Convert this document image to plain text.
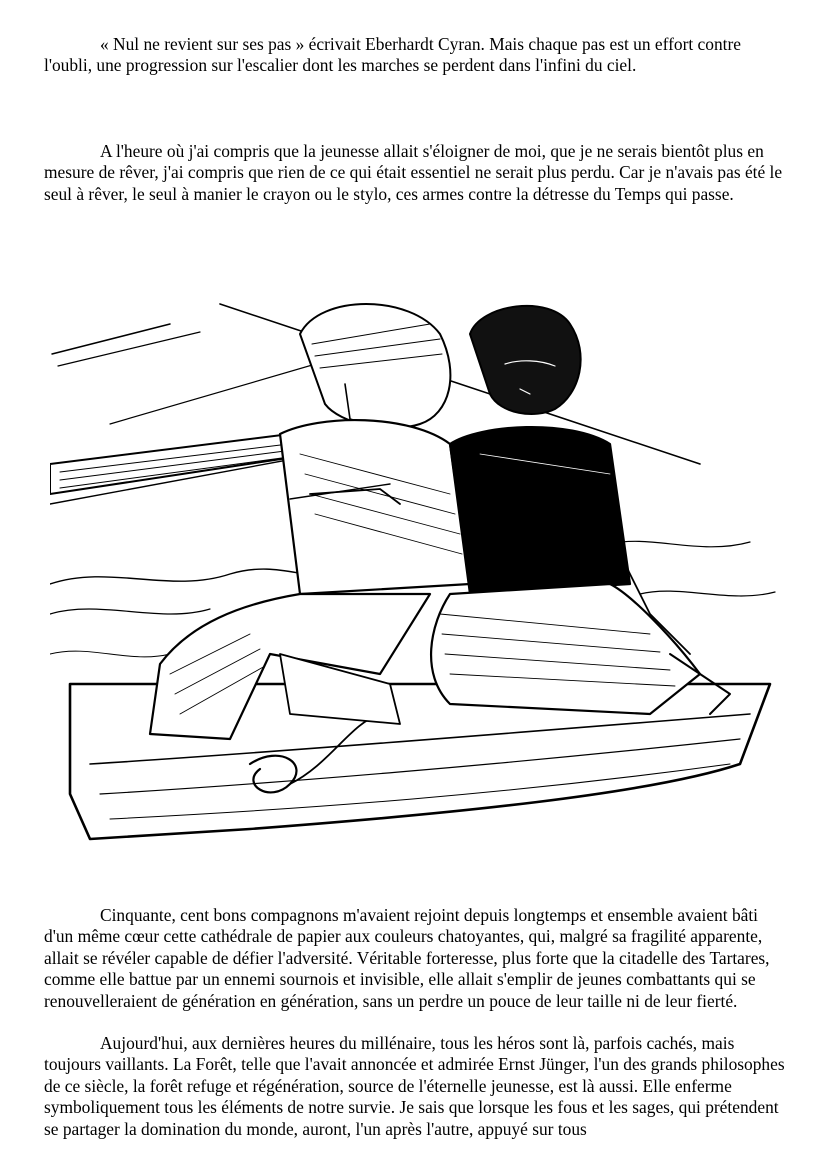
« Nul ne revient sur ses pas » écrivait Eberhardt Cyran. Mais chaque pas est un effort contre l'oubli, une progression sur l'escalier dont les marches se perdent dans l'infini du ciel.

A l'heure où j'ai compris que la jeunesse allait s'éloigner de moi, que je ne serais bientôt plus en mesure de rêver, j'ai compris que rien de ce qui était essentiel ne serait plus perdu. Car je n'avais pas été le seul à rêver, le seul à manier le crayon ou le stylo, ces armes contre la détresse du Temps qui passe.

Cinquante, cent bons compagnons m'avaient rejoint depuis longtemps et ensemble avaient bâti d'un même cœur cette cathédrale de papier aux couleurs chatoyantes, qui, malgré sa fragilité apparente, allait se révéler capable de défier l'adversité. Véritable forteresse, plus forte que la citadelle des Tartares, comme elle battue par un ennemi sournois et invisible, elle allait s'emplir de jeunes combattants qui se renouvelleraient de génération en génération, sans un perdre un pouce de leur taille ni de leur fierté.

Aujourd'hui, aux dernières heures du millénaire, tous les héros sont là, parfois cachés, mais toujours vaillants. La Forêt, telle que l'avait annoncée et admirée Ernst Jünger, l'un des grands philosophes de ce siècle, la forêt refuge et régénération, source de l'éternelle jeunesse, est là aussi. Elle enferme symboliquement tous les éléments de notre survie. Je sais que lorsque les fous et les sages, qui prétendent se partager la domination du monde, auront, l'un après l'autre, appuyé sur tous
